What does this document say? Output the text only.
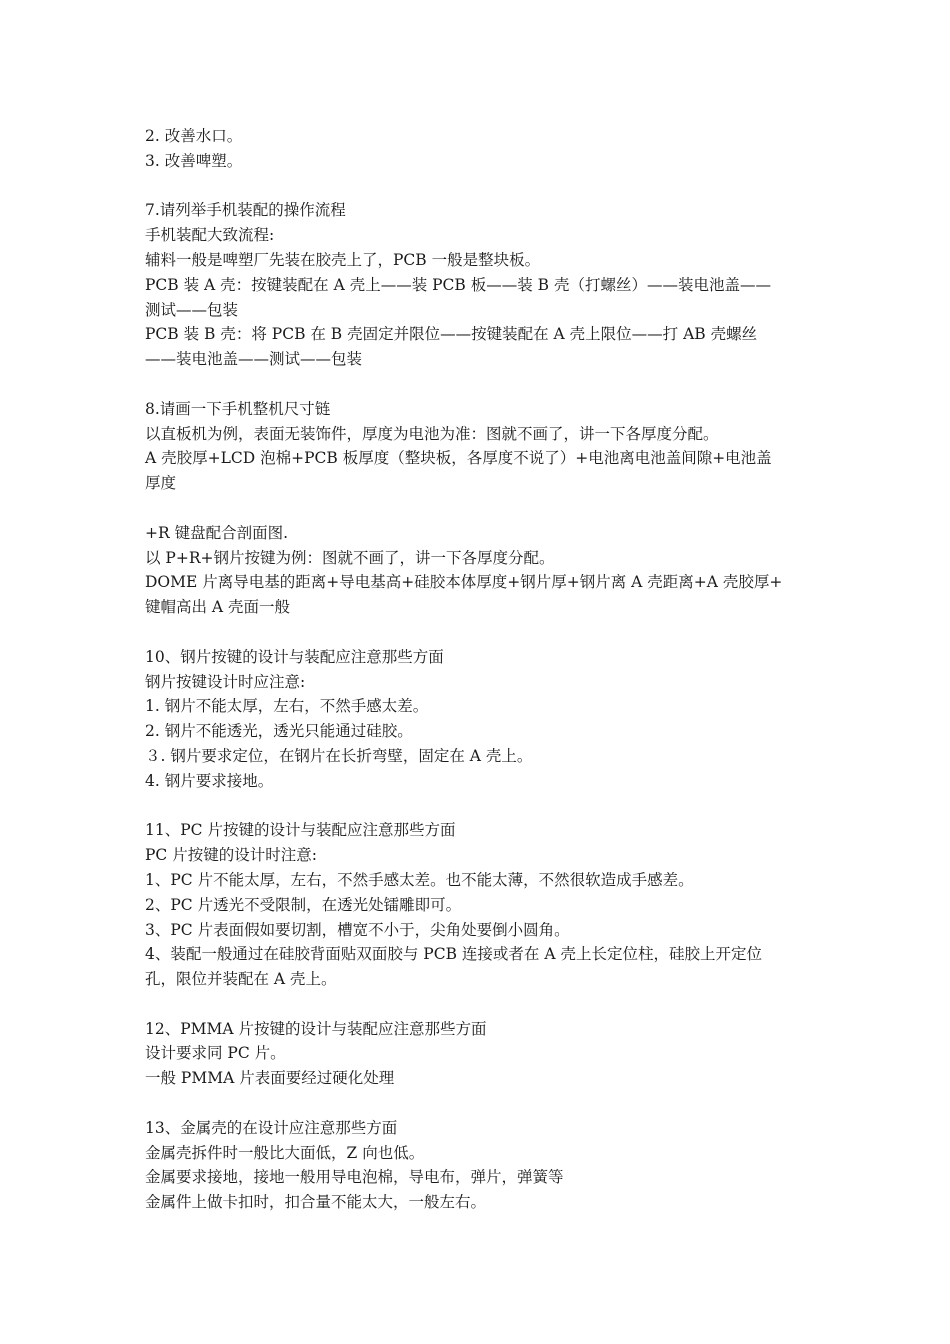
2. 改善水口。
3. 改善啤塑。
7.请列举手机装配的操作流程
手机装配大致流程:
辅料一般是啤塑厂先装在胶壳上了，PCB 一般是整块板。
PCB 装 A 壳：按键装配在 A 壳上——装 PCB 板——装 B 壳（打螺丝）——装电池盖——
测试——包装
PCB 装 B 壳：将 PCB 在 B 壳固定并限位——按键装配在 A 壳上限位——打 AB 壳螺丝
——装电池盖——测试——包装
8.请画一下手机整机尺寸链
以直板机为例，表面无装饰件，厚度为电池为准：图就不画了，讲一下各厚度分配。
A 壳胶厚+LCD 泡棉+PCB 板厚度（整块板，各厚度不说了）+电池离电池盖间隙+电池盖
厚度
+R 键盘配合剖面图.
以 P+R+钢片按键为例：图就不画了，讲一下各厚度分配。
DOME 片离导电基的距离+导电基高+硅胶本体厚度+钢片厚+钢片离 A 壳距离+A 壳胶厚+
键帽高出 A 壳面一般
10、钢片按键的设计与装配应注意那些方面
钢片按键设计时应注意:
1. 钢片不能太厚，左右，不然手感太差。
2. 钢片不能透光，透光只能通过硅胶。
３. 钢片要求定位，在钢片在长折弯壁，固定在 A 壳上。
4. 钢片要求接地。
11、PC 片按键的设计与装配应注意那些方面
PC 片按键的设计时注意:
1、PC 片不能太厚，左右，不然手感太差。也不能太薄，不然很软造成手感差。
2、PC 片透光不受限制，在透光处镭雕即可。
3、PC 片表面假如要切割，槽宽不小于，尖角处要倒小圆角。
4、装配一般通过在硅胶背面贴双面胶与 PCB 连接或者在 A 壳上长定位柱，硅胶上开定位
孔，限位并装配在 A 壳上。
12、PMMA 片按键的设计与装配应注意那些方面
设计要求同 PC 片。
一般 PMMA 片表面要经过硬化处理
13、金属壳的在设计应注意那些方面
金属壳拆件时一般比大面低，Z 向也低。
金属要求接地，接地一般用导电泡棉，导电布，弹片，弹簧等
金属件上做卡扣时，扣合量不能太大，一般左右。
